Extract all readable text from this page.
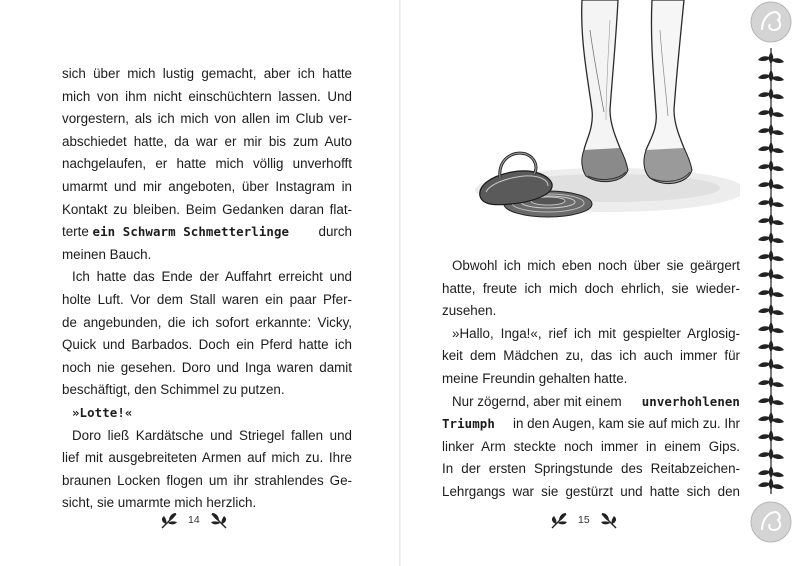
sich über mich lustig gemacht, aber ich hatte
mich von ihm nicht einschüchtern lassen. Und
vorgestern, als ich mich von allen im Club ver-
abschiedet hatte, da war er mir bis zum Auto
nachgelaufen, er hatte mich völlig unverhofft
umarmt und mir angeboten, über Instagram in
Kontakt zu bleiben. Beim Gedanken daran flat-
terte ein Schwarm Schmetterlinge durch
meinen Bauch.
Ich hatte das Ende der Auffahrt erreicht und
holte Luft. Vor dem Stall waren ein paar Pfer-
de angebunden, die ich sofort erkannte: Vicky,
Quick und Barbados. Doch ein Pferd hatte ich
noch nie gesehen. Doro und Inga waren damit
beschäftigt, den Schimmel zu putzen.
»Lotte!«
Doro ließ Kardätsche und Striegel fallen und
lief mit ausgebreiteten Armen auf mich zu. Ihre
braunen Locken flogen um ihr strahlendes Ge-
sicht, sie umarmte mich herzlich.
14
Obwohl ich mich eben noch über sie geärgert
hatte, freute ich mich doch ehrlich, sie wieder-
zusehen.
»Hallo, Inga!«, rief ich mit gespielter Arglosig-
keit dem Mädchen zu, das ich auch immer für
meine Freundin gehalten hatte.
Nur zögernd, aber mit einem unverhohlenen
Triumph in den Augen, kam sie auf mich zu. Ihr
linker Arm steckte noch immer in einem Gips.
In der ersten Springstunde des Reitabzeichen-
Lehrgangs war sie gestürzt und hatte sich den
15
